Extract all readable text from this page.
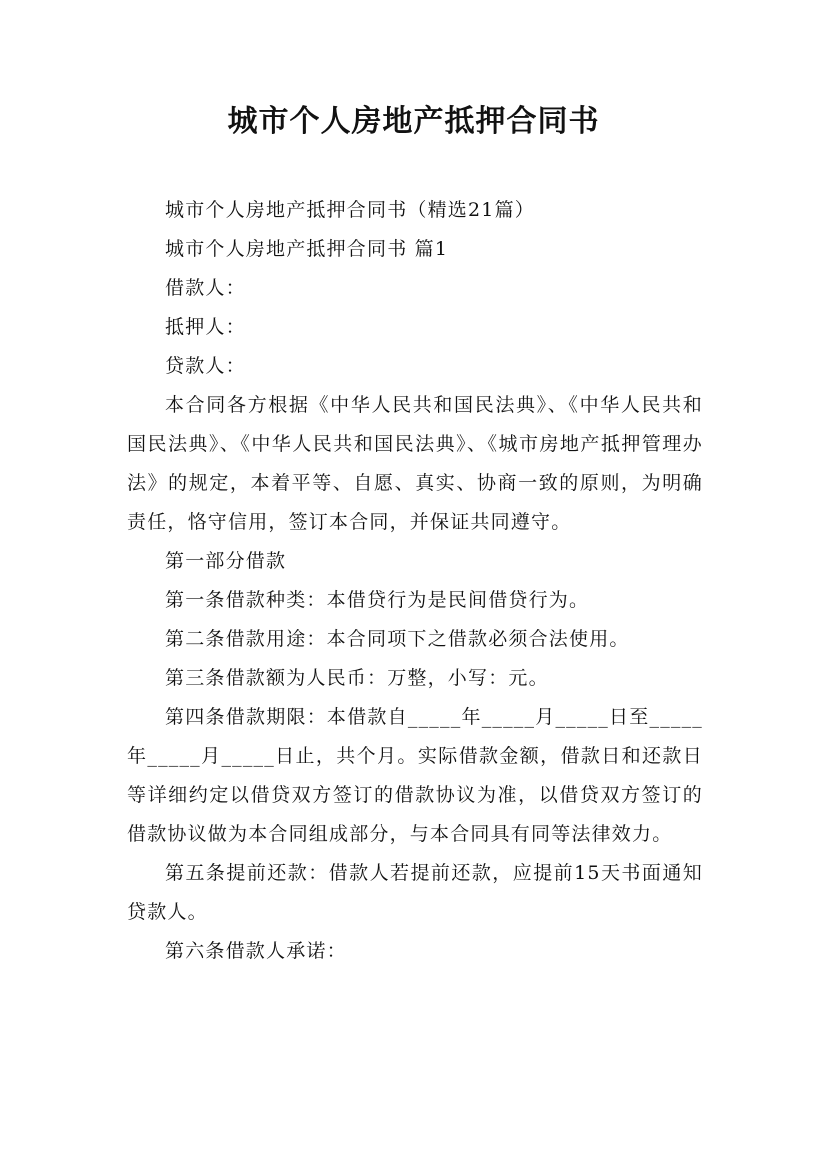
城市个人房地产抵押合同书

城市个人房地产抵押合同书（精选21篇）

城市个人房地产抵押合同书 篇1

借款人：

抵押人：

贷款人：

本合同各方根据《中华人民共和国民法典》、《中华人民共和国民法典》、《中华人民共和国民法典》、《城市房地产抵押管理办法》的规定，本着平等、自愿、真实、协商一致的原则，为明确责任，恪守信用，签订本合同，并保证共同遵守。

第一部分借款

第一条借款种类：本借贷行为是民间借贷行为。

第二条借款用途：本合同项下之借款必须合法使用。

第三条借款额为人民币：万整，小写：元。

第四条借款期限：本借款自_____年_____月_____日至_____年_____月_____日止，共个月。实际借款金额，借款日和还款日等详细约定以借贷双方签订的借款协议为准，以借贷双方签订的借款协议做为本合同组成部分，与本合同具有同等法律效力。

第五条提前还款：借款人若提前还款，应提前15天书面通知贷款人。

第六条借款人承诺：
